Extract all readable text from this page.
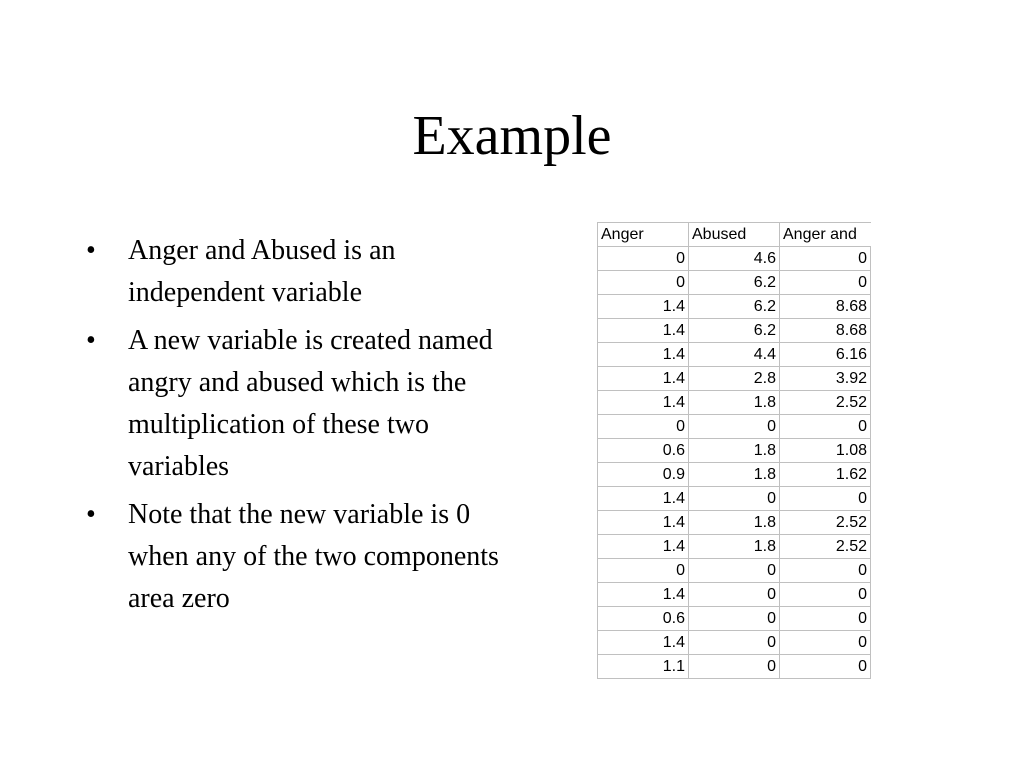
Example
•	Anger and Abused is an independent variable
•	A new variable is created named angry and abused which is the multiplication of these two variables
•	Note that the new variable is 0 when any of the two components area zero
Anger	Abused	Anger and
0	4.6	0
0	6.2	0
1.4	6.2	8.68
1.4	6.2	8.68
1.4	4.4	6.16
1.4	2.8	3.92
1.4	1.8	2.52
0	0	0
0.6	1.8	1.08
0.9	1.8	1.62
1.4	0	0
1.4	1.8	2.52
1.4	1.8	2.52
0	0	0
1.4	0	0
0.6	0	0
1.4	0	0
1.1	0	0
